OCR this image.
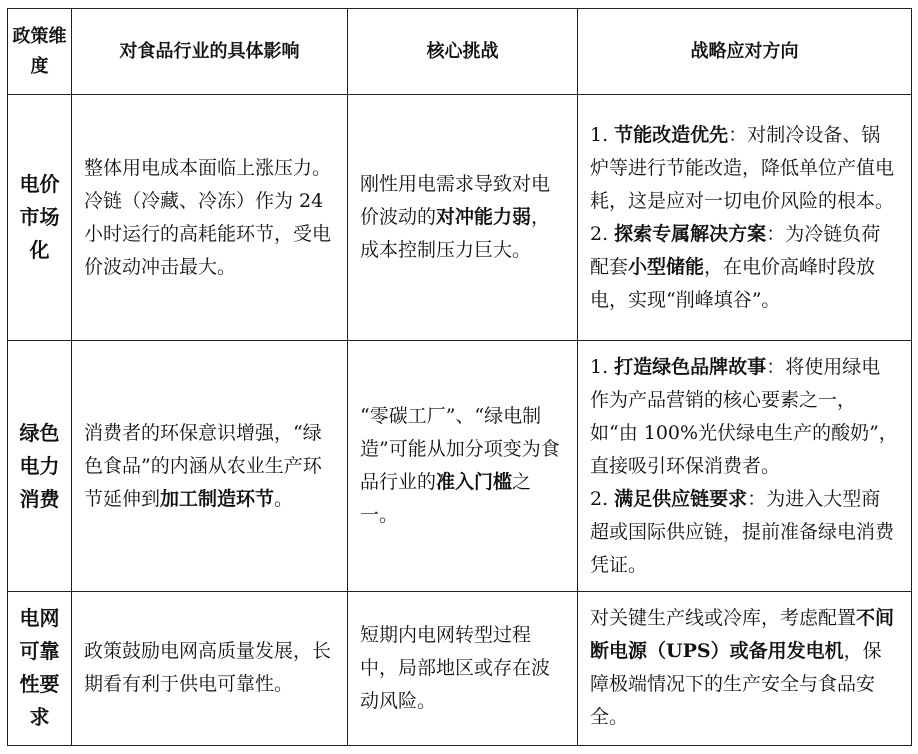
政策维度	对食品行业的具体影响	核心挑战	战略应对方向

电价市场化	整体用电成本面临上涨压力。冷链（冷藏、冷冻）作为 24 小时运行的高耗能环节，受电价波动冲击最大。	刚性用电需求导致对电价波动的对冲能力弱，成本控制压力巨大。	1. 节能改造优先：对制冷设备、锅炉等进行节能改造，降低单位产值电耗，这是应对一切电价风险的根本。
2. 探索专属解决方案：为冷链负荷配套小型储能，在电价高峰时段放电，实现“削峰填谷”。

绿色电力消费	消费者的环保意识增强，“绿色食品”的内涵从农业生产环节延伸到加工制造环节。	“零碳工厂”、“绿电制造”可能从加分项变为食品行业的准入门槛之一。	1. 打造绿色品牌故事：将使用绿电作为产品营销的核心要素之一，如“由 100%光伏绿电生产的酸奶”，直接吸引环保消费者。
2. 满足供应链要求：为进入大型商超或国际供应链，提前准备绿电消费凭证。

电网可靠性要求	政策鼓励电网高质量发展，长期看有利于供电可靠性。	短期内电网转型过程中，局部地区或存在波动风险。	对关键生产线或冷库，考虑配置不间断电源（UPS）或备用发电机，保障极端情况下的生产安全与食品安全。
